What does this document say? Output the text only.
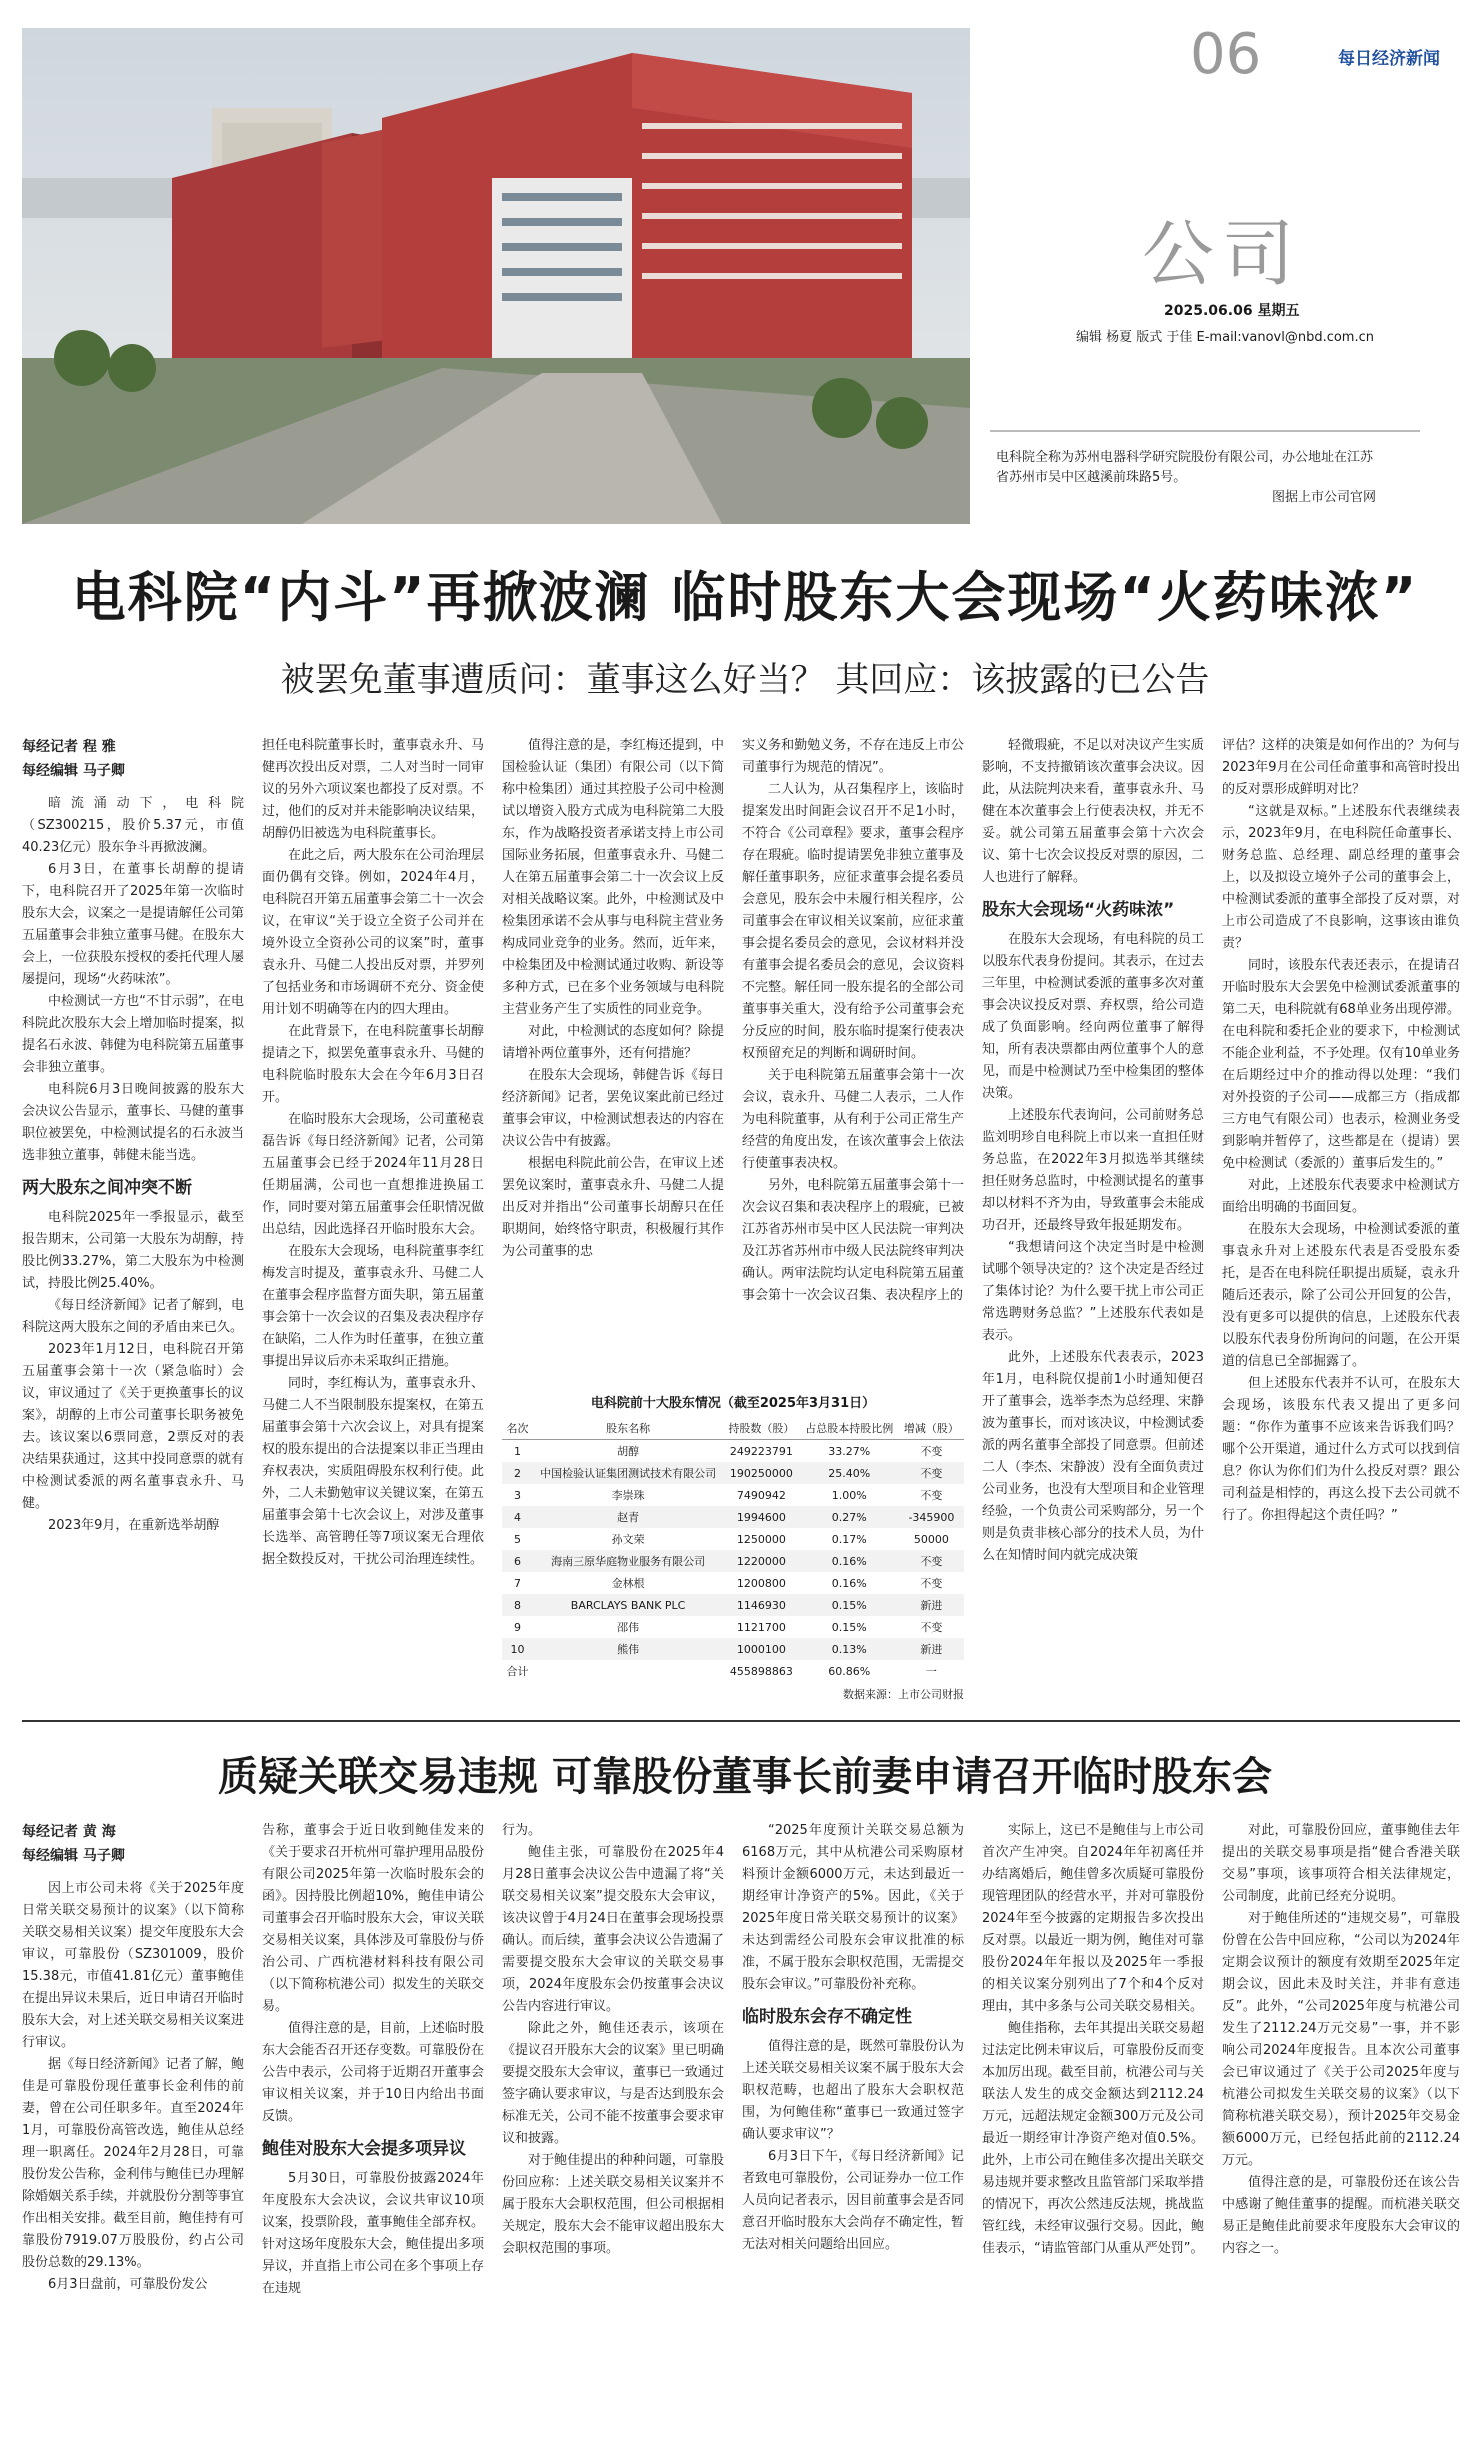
06	每日经济新闻
公司
2025.06.06 星期五
编辑 杨夏 版式 于佳 E-mail:vanovl@nbd.com.cn
电科院全称为苏州电器科学研究院股份有限公司，办公地址在江苏省苏州市吴中区越溪前珠路5号。
图据上市公司官网
电科院“内斗”再掀波澜 临时股东大会现场“火药味浓”
被罢免董事遭质问：董事这么好当？ 其回应：该披露的已公告
每经记者 程 雅
每经编辑 马子卿

暗流涌动下，电科院（SZ300215，股价5.37元，市值40.23亿元）股东争斗再掀波澜。

6月3日，在董事长胡醇的提请下，电科院召开了2025年第一次临时股东大会，议案之一是提请解任公司第五届董事会非独立董事马健。在股东大会上，一位获股东授权的委托代理人屡屡提问，现场“火药味浓”。

中检测试一方也“不甘示弱”，在电科院此次股东大会上增加临时提案，拟提名石永波、韩健为电科院第五届董事会非独立董事。

电科院6月3日晚间披露的股东大会决议公告显示，董事长、马健的董事职位被罢免，中检测试提名的石永波当选非独立董事，韩健未能当选。

两大股东之间冲突不断

电科院2025年一季报显示，截至报告期末，公司第一大股东为胡醇，持股比例33.27%，第二大股东为中检测试，持股比例25.40%。

《每日经济新闻》记者了解到，电科院这两大股东之间的矛盾由来已久。

2023年1月12日，电科院召开第五届董事会第十一次（紧急临时）会议，审议通过了《关于更换董事长的议案》，胡醇的上市公司董事长职务被免去。该议案以6票同意，2票反对的表决结果获通过，这其中投同意票的就有中检测试委派的两名董事袁永升、马健。

2023年9月，在重新选举胡醇

担任电科院董事长时，董事袁永升、马健再次投出反对票，二人对当时一同审议的另外六项议案也都投了反对票。不过，他们的反对并未能影响决议结果，胡醇仍旧被选为电科院董事长。

在此之后，两大股东在公司治理层面仍偶有交锋。例如，2024年4月，电科院召开第五届董事会第二十一次会议，在审议“关于设立全资子公司并在境外设立全资孙公司的议案”时，董事袁永升、马健二人投出反对票，并罗列了包括业务和市场调研不充分、资金使用计划不明确等在内的四大理由。

在此背景下，在电科院董事长胡醇提请之下，拟罢免董事袁永升、马健的电科院临时股东大会在今年6月3日召开。

在临时股东大会现场，公司董秘袁磊告诉《每日经济新闻》记者，公司第五届董事会已经于2024年11月28日任期届满，公司也一直想推进换届工作，同时要对第五届董事会任职情况做出总结，因此选择召开临时股东大会。

在股东大会现场，电科院董事李红梅发言时提及，董事袁永升、马健二人在董事会程序监督方面失职，第五届董事会第十一次会议的召集及表决程序存在缺陷，二人作为时任董事，在独立董事提出异议后亦未采取纠正措施。

同时，李红梅认为，董事袁永升、马健二人不当限制股东提案权，在第五届董事会第十六次会议上，对具有提案权的股东提出的合法提案以非正当理由弃权表决，实质阻碍股东权利行使。此外，二人未勤勉审议关键议案，在第五届董事会第十七次会议上，对涉及董事长选举、高管聘任等7项议案无合理依据全数投反对，干扰公司治理连续性。

值得注意的是，李红梅还提到，中国检验认证（集团）有限公司（以下简称中检集团）通过其控股子公司中检测试以增资入股方式成为电科院第二大股东，作为战略投资者承诺支持上市公司国际业务拓展，但董事袁永升、马健二人在第五届董事会第二十一次会议上反对相关战略议案。此外，中检测试及中检集团承诺不会从事与电科院主营业务构成同业竞争的业务。然而，近年来，中检集团及中检测试通过收购、新设等多种方式，已在多个业务领域与电科院主营业务产生了实质性的同业竞争。

对此，中检测试的态度如何？除提请增补两位董事外，还有何措施？

在股东大会现场，韩健告诉《每日经济新闻》记者，罢免议案此前已经过董事会审议，中检测试想表达的内容在决议公告中有披露。

根据电科院此前公告，在审议上述罢免议案时，董事袁永升、马健二人提出反对并指出“公司董事长胡醇只在任职期间，始终恪守职责，积极履行其作为公司董事的忠

实义务和勤勉义务，不存在违反上市公司董事行为规范的情况”。

二人认为，从召集程序上，该临时提案发出时间距会议召开不足1小时，不符合《公司章程》要求，董事会程序存在瑕疵。临时提请罢免非独立董事及解任董事职务，应征求董事会提名委员会意见，股东会中未履行相关程序，公司董事会在审议相关议案前，应征求董事会提名委员会的意见，会议材料并没有董事会提名委员会的意见，会议资料不完整。解任同一股东提名的全部公司董事事关重大，没有给予公司董事会充分反应的时间，股东临时提案行使表决权预留充足的判断和调研时间。

关于电科院第五届董事会第十一次会议，袁永升、马健二人表示，二人作为电科院董事，从有利于公司正常生产经营的角度出发，在该次董事会上依法行使董事表决权。

另外，电科院第五届董事会第十一次会议召集和表决程序上的瑕疵，已被江苏省苏州市吴中区人民法院一审判决及江苏省苏州市中级人民法院终审判决确认。两审法院均认定电科院第五届董事会第十一次会议召集、表决程序上的

电科院前十大股东情况（截至2025年3月31日）
名次	股东名称	持股数（股）	占总股本持股比例	增减（股）
1	胡醇	249223791	33.27%	不变
2	中国检验认证集团测试技术有限公司	190250000	25.40%	不变
3	李崇珠	7490942	1.00%	不变
4	赵青	1994600	0.27%	-345900
5	孙文荣	1250000	0.17%	50000
6	海南三原华庭物业服务有限公司	1220000	0.16%	不变
7	金林根	1200800	0.16%	不变
8	BARCLAYS BANK PLC	1146930	0.15%	新进
9	邵伟	1121700	0.15%	不变
10	熊伟	1000100	0.13%	新进
合计		455898863	60.86%	一
数据来源：上市公司财报

轻微瑕疵，不足以对决议产生实质影响，不支持撤销该次董事会决议。因此，从法院判决来看，董事袁永升、马健在本次董事会上行使表决权，并无不妥。就公司第五届董事会第十六次会议、第十七次会议投反对票的原因，二人也进行了解释。

股东大会现场“火药味浓”

在股东大会现场，有电科院的员工以股东代表身份提问。其表示，在过去三年里，中检测试委派的董事多次对董事会决议投反对票、弃权票，给公司造成了负面影响。经向两位董事了解得知，所有表决票都由两位董事个人的意见，而是中检测试乃至中检集团的整体决策。

上述股东代表询问，公司前财务总监刘明珍自电科院上市以来一直担任财务总监，在2022年3月拟选举其继续担任财务总监时，中检测试提名的董事却以材料不齐为由，导致董事会未能成功召开，还最终导致年报延期发布。

“我想请问这个决定当时是中检测试哪个领导决定的？这个决定是否经过了集体讨论？为什么要干扰上市公司正常选聘财务总监？”上述股东代表如是表示。

此外，上述股东代表表示，2023年1月，电科院仅提前1小时通知便召开了董事会，选举李杰为总经理、宋静波为董事长，而对该决议，中检测试委派的两名董事全部投了同意票。但前述二人（李杰、宋静波）没有全面负责过公司业务，也没有大型项目和企业管理经验，一个负责公司采购部分，另一个则是负责非核心部分的技术人员，为什么在知情时间内就完成决策

评估？这样的决策是如何作出的？为何与2023年9月在公司任命董事和高管时投出的反对票形成鲜明对比？

“这就是双标。”上述股东代表继续表示，2023年9月，在电科院任命董事长、财务总监、总经理、副总经理的董事会上，以及拟设立境外子公司的董事会上，中检测试委派的董事全部投了反对票，对上市公司造成了不良影响，这事该由谁负责？

同时，该股东代表还表示，在提请召开临时股东大会罢免中检测试委派董事的第二天，电科院就有68单业务出现停滞。在电科院和委托企业的要求下，中检测试不能企业利益，不予处理。仅有10单业务在后期经过中介的推动得以处理：“我们对外投资的子公司——成都三方（指成都三方电气有限公司）也表示，检测业务受到影响并暂停了，这些都是在（提请）罢免中检测试（委派的）董事后发生的。”

对此，上述股东代表要求中检测试方面给出明确的书面回复。

在股东大会现场，中检测试委派的董事袁永升对上述股东代表是否受股东委托，是否在电科院任职提出质疑，袁永升随后还表示，除了公司公开回复的公告，没有更多可以提供的信息，上述股东代表以股东代表身份所询问的问题，在公开渠道的信息已全部掘露了。

但上述股东代表并不认可，在股东大会现场，该股东代表又提出了更多问题：“你作为董事不应该来告诉我们吗？哪个公开渠道，通过什么方式可以找到信息？你认为你们们为什么投反对票？跟公司利益是相悖的，再这么投下去公司就不行了。你担得起这个责任吗？”

质疑关联交易违规 可靠股份董事长前妻申请召开临时股东会
每经记者 黄 海
每经编辑 马子卿

因上市公司未将《关于2025年度日常关联交易预计的议案》（以下简称关联交易相关议案）提交年度股东大会审议，可靠股份（SZ301009，股价15.38元，市值41.81亿元）董事鲍佳在提出异议未果后，近日申请召开临时股东大会，对上述关联交易相关议案进行审议。

据《每日经济新闻》记者了解，鲍佳是可靠股份现任董事长金利伟的前妻，曾在公司任职多年。直至2024年1月，可靠股份高管改选，鲍佳从总经理一职离任。2024年2月28日，可靠股份发公告称，金利伟与鲍佳已办理解除婚姻关系手续，并就股份分割等事宜作出相关安排。截至目前，鲍佳持有可靠股份7919.07万股股份，约占公司股份总数的29.13%。

6月3日盘前，可靠股份发公

告称，董事会于近日收到鲍佳发来的《关于要求召开杭州可靠护理用品股份有限公司2025年第一次临时股东会的函》。因持股比例超10%，鲍佳申请公司董事会召开临时股东大会，审议关联交易相关议案，具体涉及可靠股份与侨治公司、广西杭港材料科技有限公司（以下简称杭港公司）拟发生的关联交易。

值得注意的是，目前，上述临时股东大会能否召开还存变数。可靠股份在公告中表示，公司将于近期召开董事会审议相关议案，并于10日内给出书面反馈。

鲍佳对股东大会提多项异议

5月30日，可靠股份披露2024年年度股东大会决议，会议共审议10项议案，投票阶段，董事鲍佳全部弃权。针对这场年度股东大会，鲍佳提出多项异议，并直指上市公司在多个事项上存在违规

行为。

鲍佳主张，可靠股份在2025年4月28日董事会决议公告中遗漏了将“关联交易相关议案”提交股东大会审议，该决议曾于4月24日在董事会现场投票确认。而后续，董事会决议公告遗漏了需要提交股东大会审议的关联交易事项，2024年度股东会仍按董事会决议公告内容进行审议。

除此之外，鲍佳还表示，该项在《提议召开股东大会的议案》里已明确要提交股东大会审议，董事已一致通过签字确认要求审议，与是否达到股东会标准无关，公司不能不按董事会要求审议和披露。

对于鲍佳提出的种种问题，可靠股份回应称：上述关联交易相关议案并不属于股东大会职权范围，但公司根据相关规定，股东大会不能审议超出股东大会职权范围的事项。

“2025年度预计关联交易总额为6168万元，其中从杭港公司采购原材料预计金额6000万元，未达到最近一期经审计净资产的5%。因此，《关于2025年度日常关联交易预计的议案》未达到需经公司股东会审议批准的标准，不属于股东会职权范围，无需提交股东会审议。”可靠股份补充称。

临时股东会存不确定性

值得注意的是，既然可靠股份认为上述关联交易相关议案不属于股东大会职权范畴，也超出了股东大会职权范围，为何鲍佳称“董事已一致通过签字确认要求审议”？

6月3日下午，《每日经济新闻》记者致电可靠股份，公司证券办一位工作人员向记者表示，因目前董事会是否同意召开临时股东大会尚存不确定性，暂无法对相关问题给出回应。

实际上，这已不是鲍佳与上市公司首次产生冲突。自2024年年初离任并办结离婚后，鲍佳曾多次质疑可靠股份现管理团队的经营水平，并对可靠股份2024年至今披露的定期报告多次投出反对票。以最近一期为例，鲍佳对可靠股份2024年年报以及2025年一季报的相关议案分别列出了7个和4个反对理由，其中多条与公司关联交易相关。

鲍佳指称，去年其提出关联交易超过法定比例未审议后，可靠股份反而变本加厉出现。截至目前，杭港公司与关联法人发生的成交金额达到2112.24万元，远超法规定金额300万元及公司最近一期经审计净资产绝对值0.5%。此外，上市公司在鲍佳多次提出关联交易违规并要求整改且监管部门采取举措的情况下，再次公然违反法规，挑战监管红线，未经审议强行交易。因此，鲍佳表示，“请监管部门从重从严处罚”。

对此，可靠股份回应，董事鲍佳去年提出的关联交易事项是指“健合香港关联交易”事项，该事项符合相关法律规定，公司制度，此前已经充分说明。

对于鲍佳所述的“违规交易”，可靠股份曾在公告中回应称，“公司以为2024年定期会议预计的额度有效期至2025年定期会议，因此未及时关注，并非有意违反”。此外，“公司2025年度与杭港公司发生了2112.24万元交易”一事，并不影响公司2024年度报告。且本次公司董事会已审议通过了《关于公司2025年度与杭港公司拟发生关联交易的议案》（以下简称杭港关联交易），预计2025年交易金额6000万元，已经包括此前的2112.24万元。

值得注意的是，可靠股份还在该公告中感谢了鲍佳董事的提醒。而杭港关联交易正是鲍佳此前要求年度股东大会审议的内容之一。
